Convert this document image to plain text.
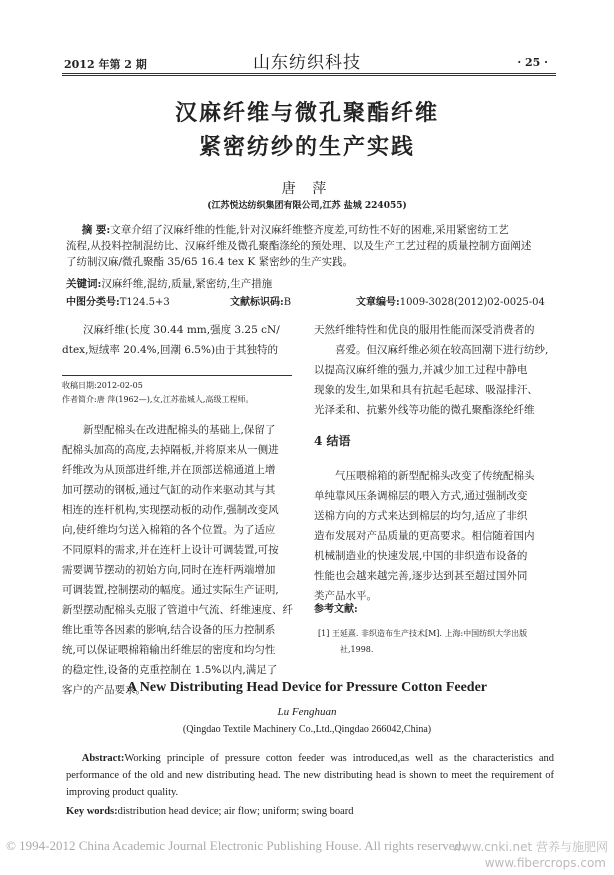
2012 年第 2 期	山东纺织科技	· 25 ·
汉麻纤维与微孔聚酯纤维
紧密纺纱的生产实践
唐 萍
(江苏悦达纺织集团有限公司,江苏 盐城 224055)
摘 要:文章介绍了汉麻纤维的性能,针对汉麻纤维整齐度差,可纺性不好的困难,采用紧密纺工艺
流程,从投料控制混纺比、汉麻纤维及微孔聚酯涤纶的预处理、以及生产工艺过程的质量控制方面阐述
了纺制汉麻/微孔聚酯 35/65 16.4 tex K 紧密纱的生产实践。
关键词:汉麻纤维,混纺,质量,紧密纺,生产措施
中图分类号:T124.5+3	文献标识码:B	文章编号:1009-3028(2012)02-0025-04

汉麻纤维(长度 30.44 mm,强度 3.25 cN/

dtex,短绒率 20.4%,回潮 6.5%)由于其独特的

收稿日期:2012-02-05
作者简介:唐 萍(1962—),女,江苏盐城人,高级工程师。

新型配棉头在改进配棉头的基础上,保留了

配棉头加高的高度,去掉隔板,并将原来从一侧进

纤维改为从顶部进纤维,并在顶部送棉通道上增

加可摆动的钢板,通过气缸的动作来驱动其与其

相连的连杆机构,实现摆动板的动作,强制改变风

向,使纤维均匀送入棉箱的各个位置。为了适应

不同原料的需求,并在连杆上设计可调装置,可按

需要调节摆动的初始方向,同时在连杆两端增加

可调装置,控制摆动的幅度。通过实际生产证明,

新型摆动配棉头克服了管道中气流、纤维速度、纤

维比重等各因素的影响,结合设备的压力控制系

统,可以保证喂棉箱输出纤维层的密度和均匀性

的稳定性,设备的克重控制在 1.5%以内,满足了

客户的产品要求。

天然纤维特性和优良的服用性能而深受消费者的

喜爱。但汉麻纤维必须在较高回潮下进行纺纱,

以提高汉麻纤维的强力,并减少加工过程中静电

现象的发生,如果和具有抗起毛起球、吸湿排汗、

光泽柔和、抗紫外线等功能的微孔聚酯涤纶纤维

4 结语

气压喂棉箱的新型配棉头改变了传统配棉头

单纯靠风压条调棉层的喂入方式,通过强制改变

送棉方向的方式来达到棉层的均匀,适应了非织

造布发展对产品质量的更高要求。相信随着国内

机械制造业的快速发展,中国的非织造布设备的

性能也会越来越完善,逐步达到甚至超过国外同

类产品水平。

参考文献:
[1] 王延熹. 非织造布生产技术[M]. 上海:中国纺织大学出版
社,1998.
A New Distributing Head Device for Pressure Cotton Feeder
Lu Fenghuan
(Qingdao Textile Machinery Co.,Ltd.,Qingdao 266042,China)
Abstract:Working principle of pressure cotton feeder was introduced,as well as the characteristics and performance of the old and new distributing head. The new distributing head is shown to meet the requirement of improving product quality.
Key words:distribution head device; air flow; uniform; swing board
© 1994-2012 China Academic Journal Electronic Publishing House. All rights reserved.
www.cnki.net 营养与施肥网
www.fibercrops.com
